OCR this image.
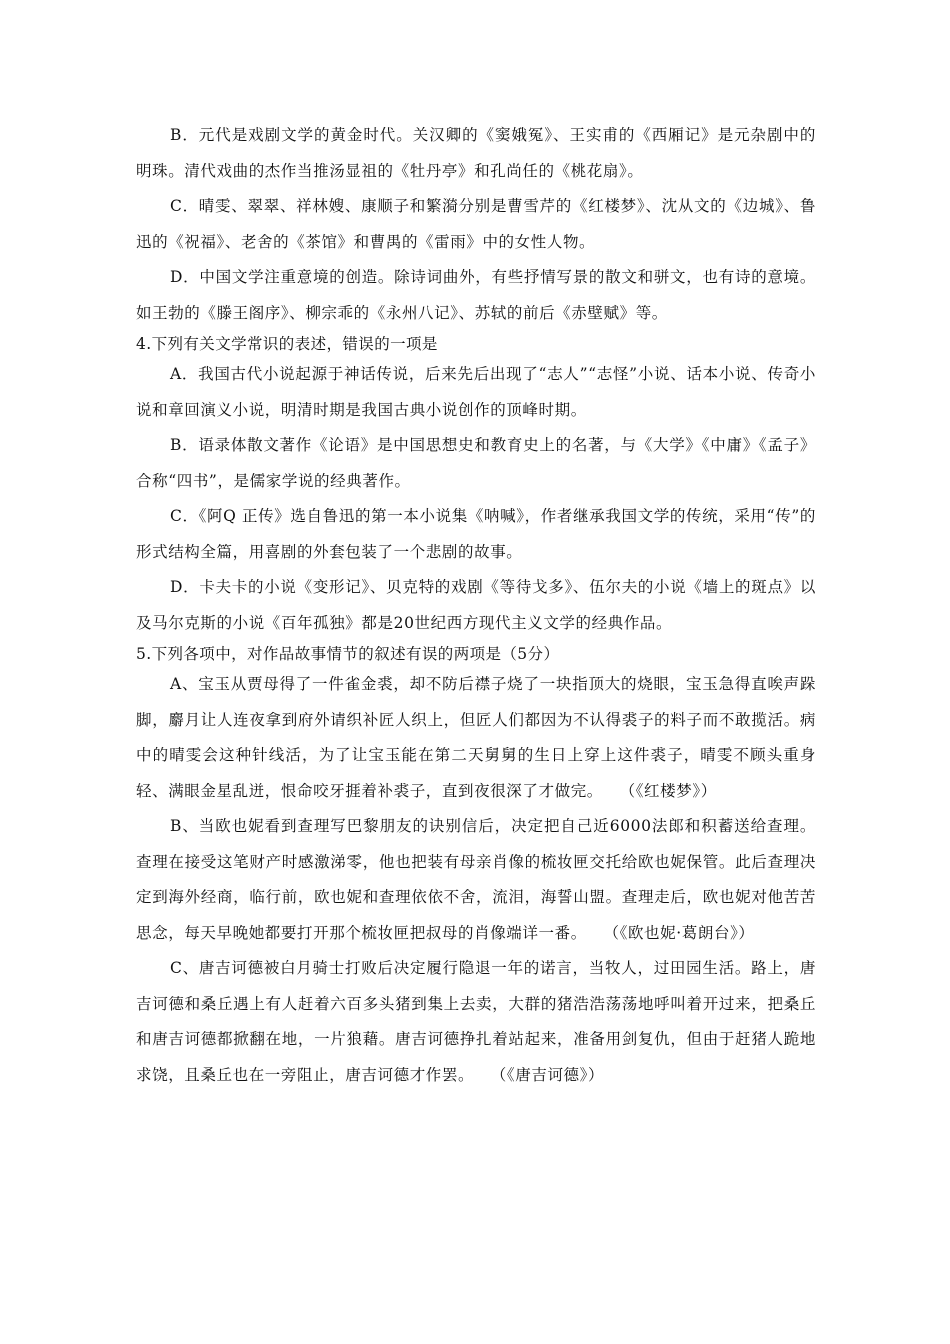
B．元代是戏剧文学的黄金时代。关汉卿的《窦娥冤》、王实甫的《西厢记》是元杂剧中的明珠。清代戏曲的杰作当推汤显祖的《牡丹亭》和孔尚任的《桃花扇》。

C．晴雯、翠翠、祥林嫂、康顺子和繁漪分别是曹雪芹的《红楼梦》、沈从文的《边城》、鲁迅的《祝福》、老舍的《茶馆》和曹禺的《雷雨》中的女性人物。

D．中国文学注重意境的创造。除诗词曲外，有些抒情写景的散文和骈文，也有诗的意境。如王勃的《滕王阁序》、柳宗乖的《永州八记》、苏轼的前后《赤壁赋》等。

4.下列有关文学常识的表述，错误的一项是

A．我国古代小说起源于神话传说，后来先后出现了“志人”“志怪”小说、话本小说、传奇小说和章回演义小说，明清时期是我国古典小说创作的顶峰时期。

B．语录体散文著作《论语》是中国思想史和教育史上的名著，与《大学》《中庸》《孟子》合称“四书”，是儒家学说的经典著作。

C．《阿Q 正传》选自鲁迅的第一本小说集《呐喊》，作者继承我国文学的传统，采用“传”的形式结构全篇，用喜剧的外套包装了一个悲剧的故事。

D．卡夫卡的小说《变形记》、贝克特的戏剧《等待戈多》、伍尔夫的小说《墙上的斑点》以及马尔克斯的小说《百年孤独》都是20世纪西方现代主义文学的经典作品。

5.下列各项中，对作品故事情节的叙述有误的两项是（5分）

A、宝玉从贾母得了一件雀金裘，却不防后襟子烧了一块指顶大的烧眼，宝玉急得直唉声跺脚，麝月让人连夜拿到府外请织补匠人织上，但匠人们都因为不认得裘子的料子而不敢揽活。病中的晴雯会这种针线活，为了让宝玉能在第二天舅舅的生日上穿上这件裘子，晴雯不顾头重身轻、满眼金星乱迸，恨命咬牙捱着补裘子，直到夜很深了才做完。　　（《红楼梦》）

B、当欧也妮看到查理写巴黎朋友的诀别信后，决定把自己近6000法郎和积蓄送给查理。查理在接受这笔财产时感激涕零，他也把装有母亲肖像的梳妆匣交托给欧也妮保管。此后查理决定到海外经商，临行前，欧也妮和查理依依不舍，流泪，海誓山盟。查理走后，欧也妮对他苦苦思念，每天早晚她都要打开那个梳妆匣把叔母的肖像端详一番。　　（《欧也妮·葛朗台》）

C、唐吉诃德被白月骑士打败后决定履行隐退一年的诺言，当牧人，过田园生活。路上，唐吉诃德和桑丘遇上有人赶着六百多头猪到集上去卖，大群的猪浩浩荡荡地呼叫着开过来，把桑丘和唐吉诃德都掀翻在地，一片狼藉。唐吉诃德挣扎着站起来，准备用剑复仇，但由于赶猪人跪地求饶，且桑丘也在一旁阻止，唐吉诃德才作罢。　　（《唐吉诃德》）
